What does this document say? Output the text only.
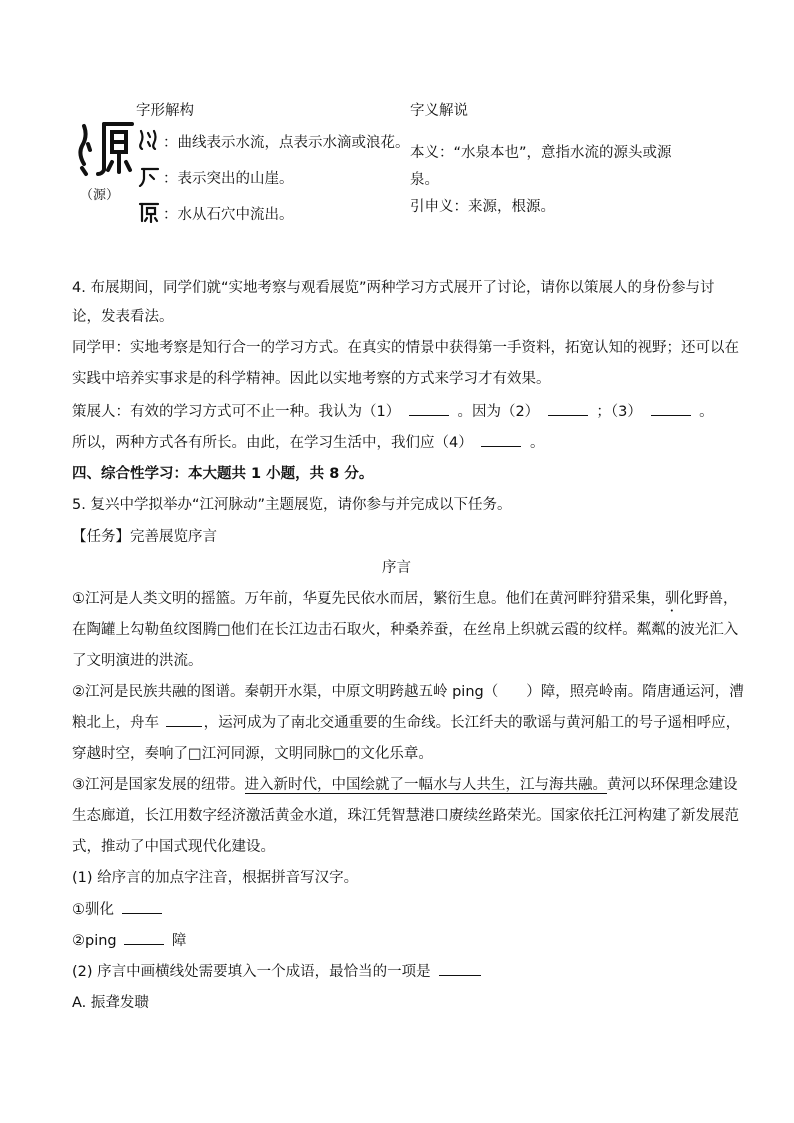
字形解构	字义解说
（源）
：曲线表示水流，点表示水滴或浪花。
：表示突出的山崖。
：水从石穴中流出。
本义：“水泉本也”，意指水流的源头或源
泉。
引申义：来源，根源。
4. 布展期间，同学们就“实地考察与观看展览”两种学习方式展开了讨论，请你以策展人的身份参与讨
论，发表看法。
同学甲：实地考察是知行合一的学习方式。在真实的情景中获得第一手资料，拓宽认知的视野；还可以在
实践中培养实事求是的科学精神。因此以实地考察的方式来学习才有效果。
策展人：有效的学习方式可不止一种。我认为（1）	。因为（2）	；（3）	。
所以，两种方式各有所长。由此，在学习生活中，我们应（4）	。
四、综合性学习：本大题共 1 小题，共 8 分。
5. 复兴中学拟举办“江河脉动”主题展览，请你参与并完成以下任务。
【任务】完善展览序言
序言
①江河是人类文明的摇篮。万年前，华夏先民依水而居，繁衍生息。他们在黄河畔狩猎采集，驯化野兽，
在陶罐上勾勒鱼纹图腾□他们在长江边击石取火，种桑养蚕，在丝帛上织就云霞的纹样。粼粼的波光汇入
了文明演进的洪流。
②江河是民族共融的图谱。秦朝开水渠，中原文明跨越五岭 ping（ ）障，照亮岭南。隋唐通运河，漕
粮北上，舟车	，运河成为了南北交通重要的生命线。长江纤夫的歌谣与黄河船工的号子遥相呼应，
穿越时空，奏响了□江河同源，文明同脉□的文化乐章。
③江河是国家发展的纽带。进入新时代，中国绘就了一幅水与人共生，江与海共融。黄河以环保理念建设
生态廊道，长江用数字经济激活黄金水道，珠江凭智慧港口赓续丝路荣光。国家依托江河构建了新发展范
式，推动了中国式现代化建设。
(1) 给序言的加点字注音，根据拼音写汉字。
①驯化
②ping	障
(2) 序言中画横线处需要填入一个成语，最恰当的一项是
A. 振聋发聩
